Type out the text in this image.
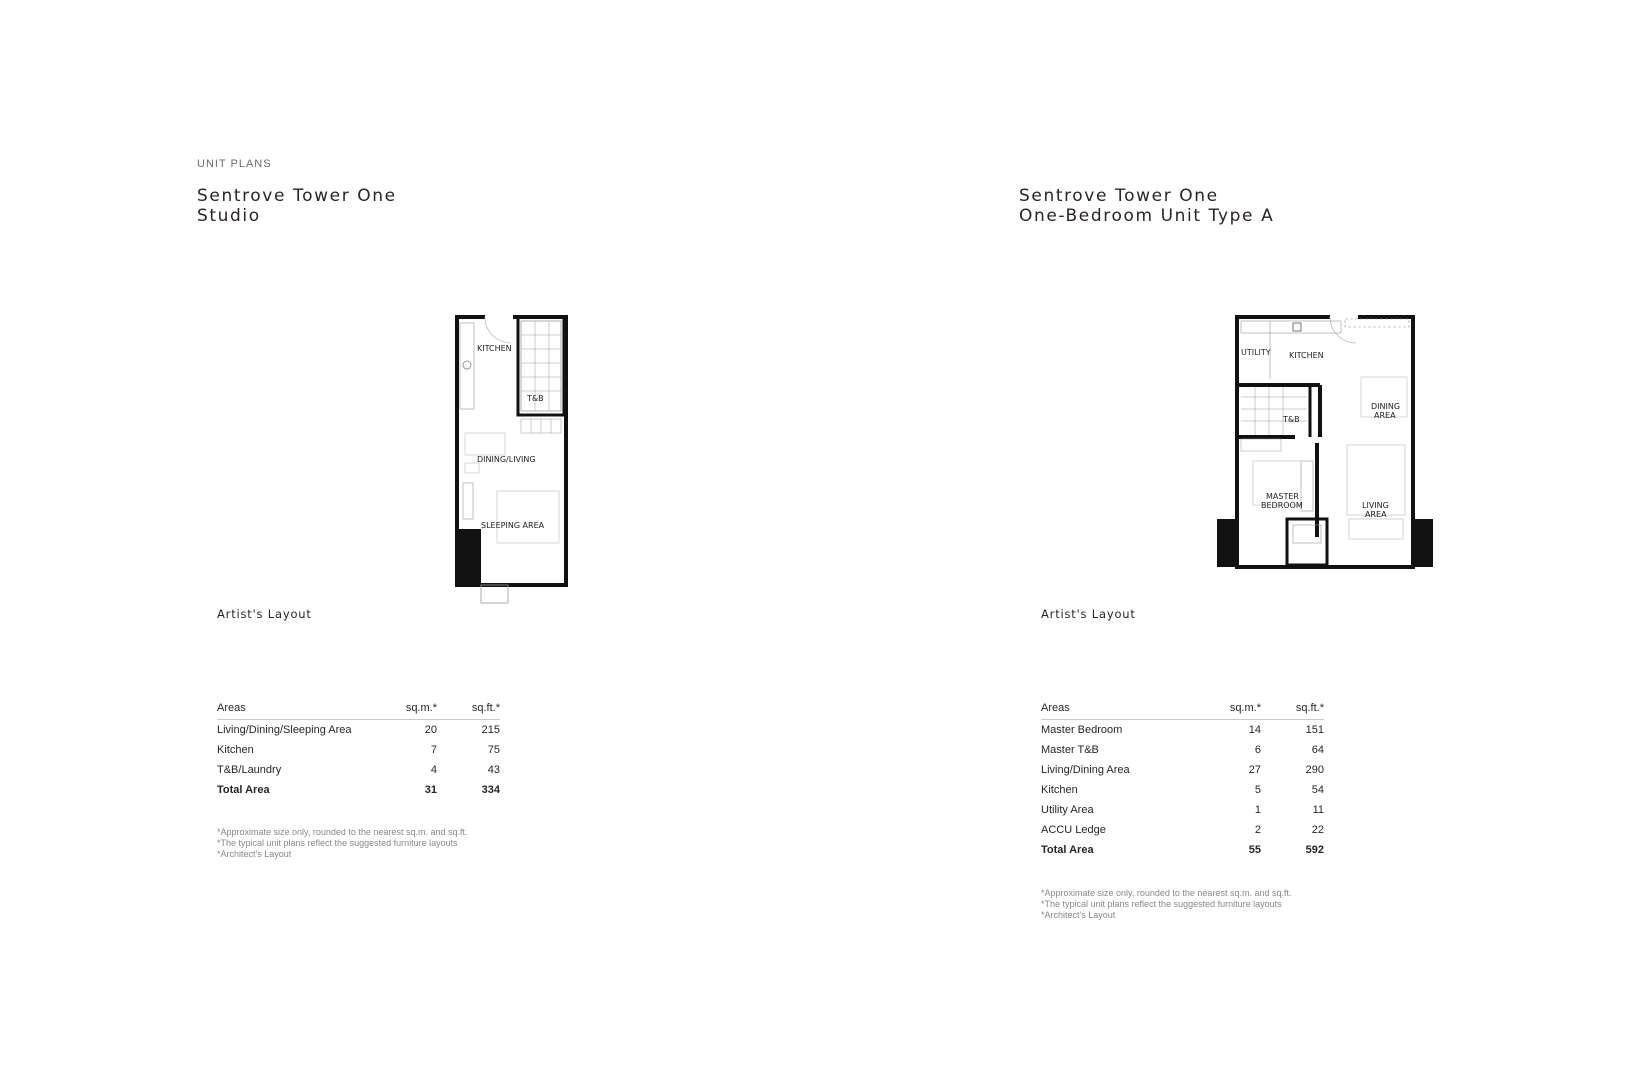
UNIT PLANS
Sentrove Tower One
Studio
KITCHEN
T&B
DINING/LIVING
SLEEPING AREA
Artist's Layout
Areas	sq.m.*	sq.ft.*
Living/Dining/Sleeping Area	20	215
Kitchen	7	75
T&B/Laundry	4	43
Total Area	31	334
*Approximate size only, rounded to the nearest sq.m. and sq.ft.
*The typical unit plans reflect the suggested furniture layouts
*Architect's Layout
Sentrove Tower One
One-Bedroom Unit Type A
UTILITY KITCHEN
T&B
DINING
AREA
MASTER
BEDROOM	LIVING
AREA
Artist's Layout
Areas	sq.m.*	sq.ft.*
Master Bedroom	14	151
Master T&B	6	64
Living/Dining Area	27	290
Kitchen	5	54
Utility Area	1	11
ACCU Ledge	2	22
Total Area	55	592
*Approximate size only, rounded to the nearest sq.m. and sq.ft.
*The typical unit plans reflect the suggested furniture layouts
*Architect's Layout
